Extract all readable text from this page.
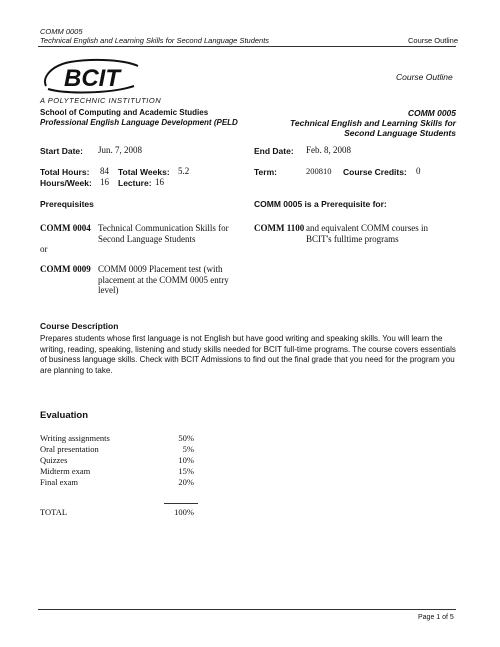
COMM 0005
Technical English and Learning Skills for Second Language Students	Course Outline
BCIT
A POLYTECHNIC INSTITUTION
Course Outline
School of Computing and Academic Studies
Professional English Language Development (PELD
COMM 0005
Technical English and Learning Skills for
Second Language Students
Start Date: Jun. 7, 2008	End Date: Feb. 8, 2008
Total Hours: 84 Total Weeks: 5.2
Hours/Week: 16 Lecture: 16
Term:	200810 Course Credits: 0
Prerequisites	COMM 0005 is a Prerequisite for:
COMM 0004 Technical Communication Skills for
Second Language Students
or
COMM 0009 COMM 0009 Placement test (with
placement at the COMM 0005 entry
level)
COMM 1100 and equivalent COMM courses in
BCIT's fulltime programs
Course Description
Prepares students whose first language is not English but have good writing and speaking skills. You will learn the writing, reading, speaking, listening and study skills needed for BCIT full-time programs. The course covers essentials of business language skills. Check with BCIT Admissions to find out the final grade that you need for the program you are planning to take.
Evaluation
Writing assignments	50%
Oral presentation	5%
Quizzes	10%
Midterm exam	15%
Final exam	20%
TOTAL	100%
Page 1 of 5
